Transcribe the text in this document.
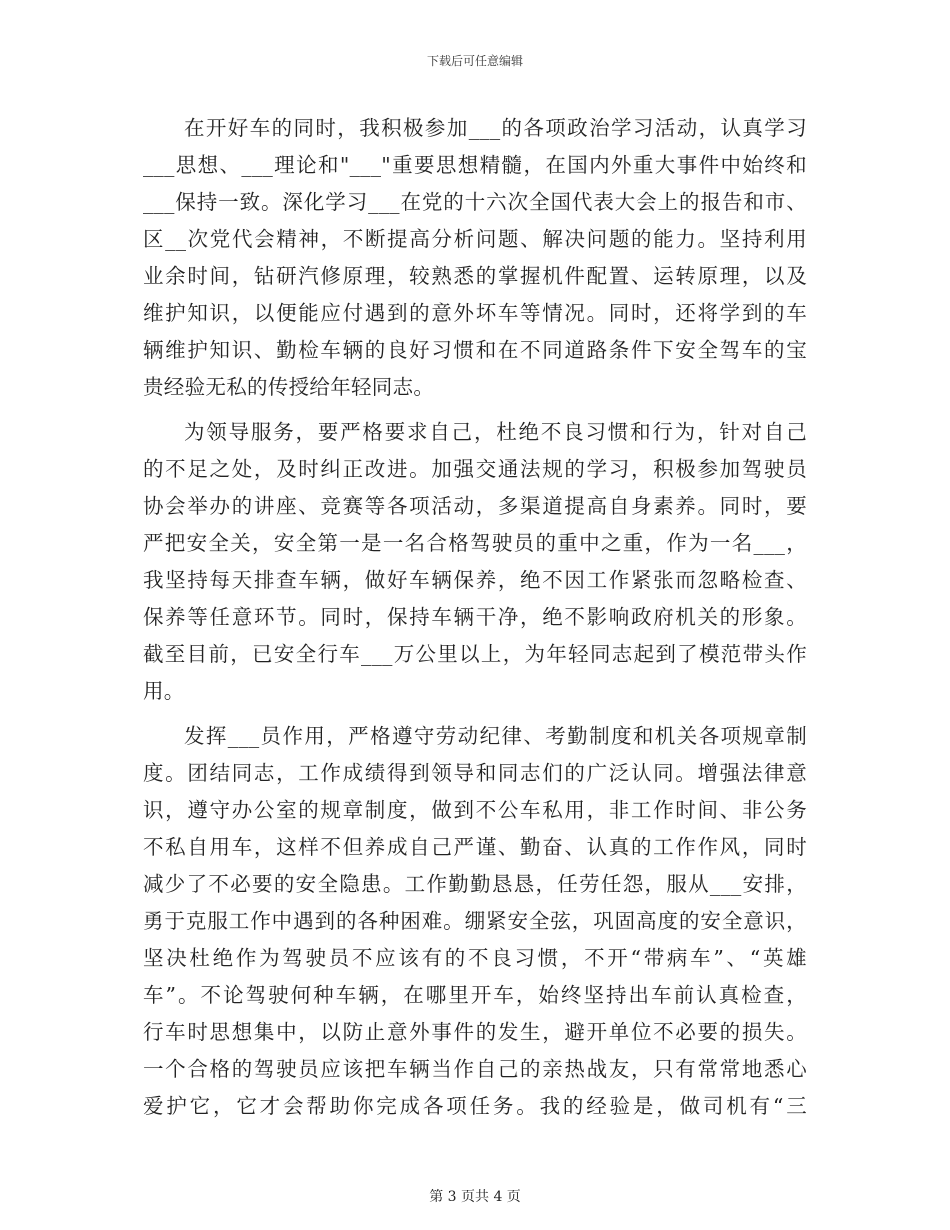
下载后可任意编辑

在开好车的同时，我积极参加___的各项政治学习活动，认真学习
___思想、___理论和"___"重要思想精髓，在国内外重大事件中始终和
___保持一致。深化学习___在党的十六次全国代表大会上的报告和市、
区__次党代会精神，不断提高分析问题、解决问题的能力。坚持利用
业余时间，钻研汽修原理，较熟悉的掌握机件配置、运转原理，以及
维护知识，以便能应付遇到的意外坏车等情况。同时，还将学到的车
辆维护知识、勤检车辆的良好习惯和在不同道路条件下安全驾车的宝
贵经验无私的传授给年轻同志。

为领导服务，要严格要求自己，杜绝不良习惯和行为，针对自己
的不足之处，及时纠正改进。加强交通法规的学习，积极参加驾驶员
协会举办的讲座、竞赛等各项活动，多渠道提高自身素养。同时，要
严把安全关，安全第一是一名合格驾驶员的重中之重，作为一名___，
我坚持每天排查车辆，做好车辆保养，绝不因工作紧张而忽略检查、
保养等任意环节。同时，保持车辆干净，绝不影响政府机关的形象。
截至目前，已安全行车___万公里以上，为年轻同志起到了模范带头作
用。

发挥___员作用，严格遵守劳动纪律、考勤制度和机关各项规章制
度。团结同志，工作成绩得到领导和同志们的广泛认同。增强法律意
识，遵守办公室的规章制度，做到不公车私用，非工作时间、非公务
不私自用车，这样不但养成自己严谨、勤奋、认真的工作作风，同时
减少了不必要的安全隐患。工作勤勤恳恳，任劳任怨，服从___安排，
勇于克服工作中遇到的各种困难。绷紧安全弦，巩固高度的安全意识，
坚决杜绝作为驾驶员不应该有的不良习惯，不开“带病车”、“英雄
车”。不论驾驶何种车辆，在哪里开车，始终坚持出车前认真检查，
行车时思想集中，以防止意外事件的发生，避开单位不必要的损失。
一个合格的驾驶员应该把车辆当作自己的亲热战友，只有常常地悉心
爱护它，它才会帮助你完成各项任务。我的经验是，做司机有“三

第 3 页共 4 页
